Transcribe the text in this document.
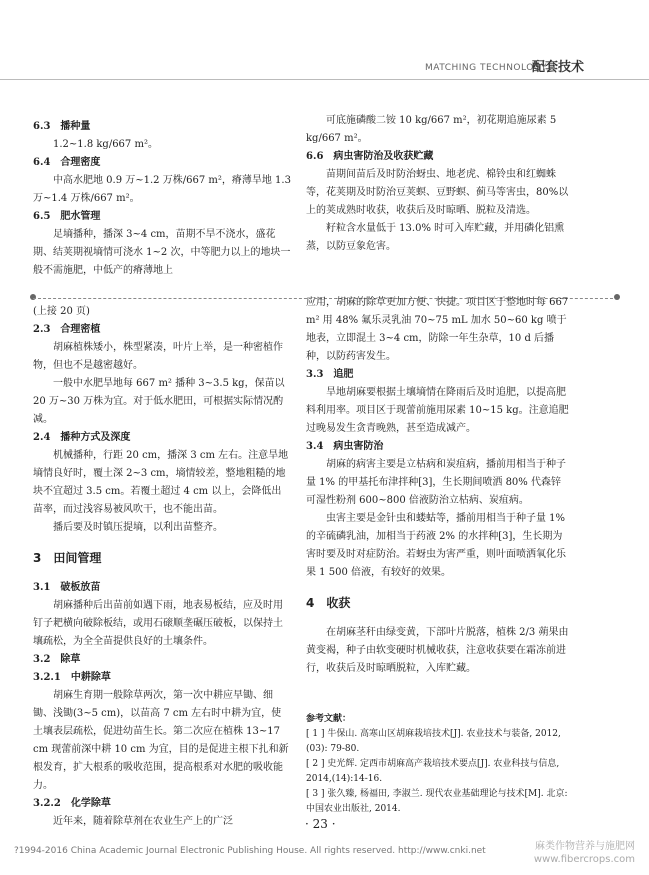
MATCHING TECHNOLOGY
配套技术

6.3　播种量

1.2~1.8 kg/667 m²。

6.4　合理密度

中高水肥地 0.9 万~1.2 万株/667 m²，瘠薄旱地 1.3 万~1.4 万株/667 m²。

6.5　肥水管理

足墒播种，播深 3~4 cm，苗期不旱不浇水，盛花期、结荚期视墒情可浇水 1~2 次，中等肥力以上的地块一般不需施肥，中低产的瘠薄地上

可底施磷酸二铵 10 kg/667 m²，初花期追施尿素 5 kg/667 m²。

6.6　病虫害防治及收获贮藏

苗期间苗后及时防治蚜虫、地老虎、棉铃虫和红蜘蛛等，花荚期及时防治豆荚螟、豆野螟、蓟马等害虫，80%以上的荚成熟时收获，收获后及时晾晒、脱粒及清选。

籽粒含水量低于 13.0% 时可入库贮藏，并用磷化铝熏蒸，以防豆象危害。

(上接 20 页)

2.3　合理密植

胡麻植株矮小，株型紧凑，叶片上举，是一种密植作物，但也不是越密越好。

一般中水肥旱地每 667 m² 播种 3~3.5 kg，保苗以 20 万~30 万株为宜。对于低水肥田，可根据实际情况酌减。

2.4　播种方式及深度

机械播种，行距 20 cm，播深 3 cm 左右。注意旱地墒情良好时，覆土深 2~3 cm，墒情较差，整地粗糙的地块不宜超过 3.5 cm。若覆土超过 4 cm 以上，会降低出苗率，而过浅容易被风吹干，也不能出苗。

播后要及时镇压提墒，以利出苗整齐。

3　田间管理

3.1　破板放苗

胡麻播种后出苗前如遇下雨，地表易板结，应及时用钉子耙横向破除板结，或用石磙顺垄碾压破板，以保持土壤疏松，为全全苗提供良好的土壤条件。

3.2　除草

3.2.1　中耕除草

胡麻生育期一般除草两次，第一次中耕应早锄、细锄、浅锄(3~5 cm)，以苗高 7 cm 左右时中耕为宜，使土壤表层疏松，促进幼苗生长。第二次应在植株 13~17 cm 现蕾前深中耕 10 cm 为宜，目的是促进主根下扎和新根发育，扩大根系的吸收范围，提高根系对水肥的吸收能力。

3.2.2　化学除草

近年来，随着除草剂在农业生产上的广泛

应用，胡麻的除草更加方便、快捷。项目区于整地时每 667 m² 用 48% 氟乐灵乳油 70~75 mL 加水 50~60 kg 喷于地表，立即混土 3~4 cm，防除一年生杂草，10 d 后播种，以防药害发生。

3.3　追肥

旱地胡麻要根据土壤墒情在降雨后及时追肥，以提高肥料利用率。项目区于现蕾前施用尿素 10~15 kg。注意追肥过晚易发生贪青晚熟，甚至造成减产。

3.4　病虫害防治

胡麻的病害主要是立枯病和炭疽病，播前用相当于种子量 1% 的甲基托布津拌种[3]，生长期间喷洒 80% 代森锌可湿性粉剂 600~800 倍液防治立枯病、炭疽病。

虫害主要是金针虫和蝼蛄等，播前用相当于种子量 1% 的辛硫磷乳油，加相当于药液 2% 的水拌种[3]，生长期为害时要及时对症防治。若蚜虫为害严重，则叶面喷洒氧化乐果 1 500 倍液，有较好的效果。

4　收获

在胡麻茎秆由绿变黄，下部叶片脱落，植株 2/3 蒴果由黄变褐，种子由软变硬时机械收获，注意收获要在霜冻前进行，收获后及时晾晒脱粒，入库贮藏。

参考文献：

[ 1 ] 牛保山. 高寒山区胡麻栽培技术[J]. 农业技术与装备, 2012,(03): 79-80.

[ 2 ] 史光辉. 定西市胡麻高产栽培技术要点[J]. 农业科技与信息, 2014,(14):14-16.

[ 3 ] 张久臻, 杨福田, 李淑兰. 现代农业基础理论与技术[M]. 北京: 中国农业出版社, 2014.

· 23 ·
?1994-2016 China Academic Journal Electronic Publishing House. All rights reserved. http://www.cnki.net	麻类作物营养与施肥网
www.fibercrops.com
